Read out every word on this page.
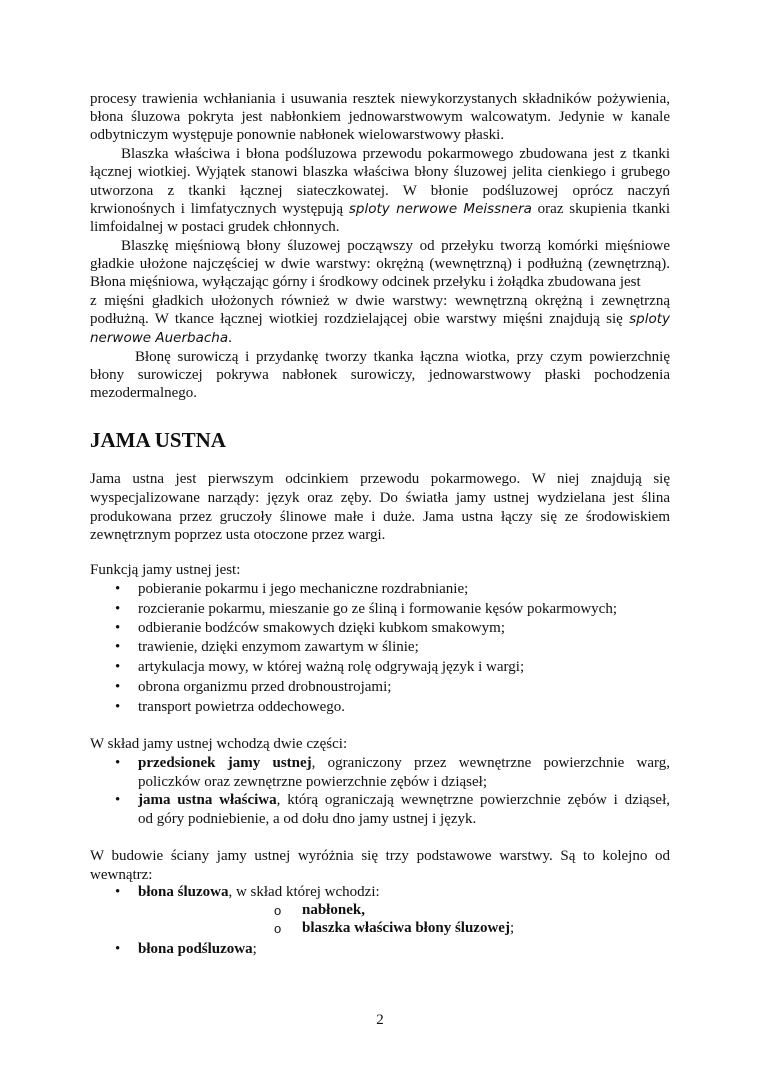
JAMA USTNA
procesy trawienia wchłaniania i usuwania resztek niewykorzystanych składników pożywienia,
błona śluzowa pokryta jest nabłonkiem jednowarstwowym walcowatym. Jedynie w kanale
odbytniczym występuje ponownie nabłonek wielowarstwowy płaski.
Blaszka właściwa i błona podśluzowa przewodu pokarmowego zbudowana jest z tkanki
łącznej wiotkiej. Wyjątek stanowi blaszka właściwa błony śluzowej jelita cienkiego i grubego
utworzona z tkanki łącznej siateczkowatej. W błonie podśluzowej oprócz naczyń
krwionośnych i limfatycznych występują sploty nerwowe Meissnera oraz skupienia tkanki
limfoidalnej w postaci grudek chłonnych.
Blaszkę mięśniową błony śluzowej począwszy od przełyku tworzą komórki mięśniowe
gładkie ułożone najczęściej w dwie warstwy: okrężną (wewnętrzną) i podłużną (zewnętrzną).
Błona mięśniowa, wyłączając górny i środkowy odcinek przełyku i żołądka zbudowana jest
z mięśni gładkich ułożonych również w dwie warstwy: wewnętrzną okrężną i zewnętrzną
podłużną. W tkance łącznej wiotkiej rozdzielającej obie warstwy mięśni znajdują się sploty
nerwowe Auerbacha.
Błonę surowiczą i przydankę tworzy tkanka łączna wiotka, przy czym powierzchnię
błony surowiczej pokrywa nabłonek surowiczy, jednowarstwowy płaski pochodzenia
mezodermalnego.
Jama ustna jest pierwszym odcinkiem przewodu pokarmowego. W niej znajdują się
wyspecjalizowane narządy: język oraz zęby. Do światła jamy ustnej wydzielana jest ślina
produkowana przez gruczoły ślinowe małe i duże. Jama ustna łączy się ze środowiskiem
zewnętrznym poprzez usta otoczone przez wargi.
Funkcją jamy ustnej jest:
pobieranie pokarmu i jego mechaniczne rozdrabnianie;
•
rozcieranie pokarmu, mieszanie go ze śliną i formowanie kęsów pokarmowych;
•
odbieranie bodźców smakowych dzięki kubkom smakowym;
•
trawienie, dzięki enzymom zawartym w ślinie;
•
artykulacja mowy, w której ważną rolę odgrywają język i wargi;
•
obrona organizmu przed drobnoustrojami;
•
transport powietrza oddechowego.
•
W skład jamy ustnej wchodzą dwie części:
przedsionek jamy ustnej, ograniczony przez wewnętrzne powierzchnie warg,
•
policzków oraz zewnętrzne powierzchnie zębów i dziąseł;
jama ustna właściwa, którą ograniczają wewnętrzne powierzchnie zębów i dziąseł,
•
od góry podniebienie, a od dołu dno jamy ustnej i język.
W budowie ściany jamy ustnej wyróżnia się trzy podstawowe warstwy. Są to kolejno od
wewnątrz:
błona śluzowa, w skład której wchodzi:
•
nabłonek,
o
blaszka właściwa błony śluzowej;
o
błona podśluzowa;
•
2
